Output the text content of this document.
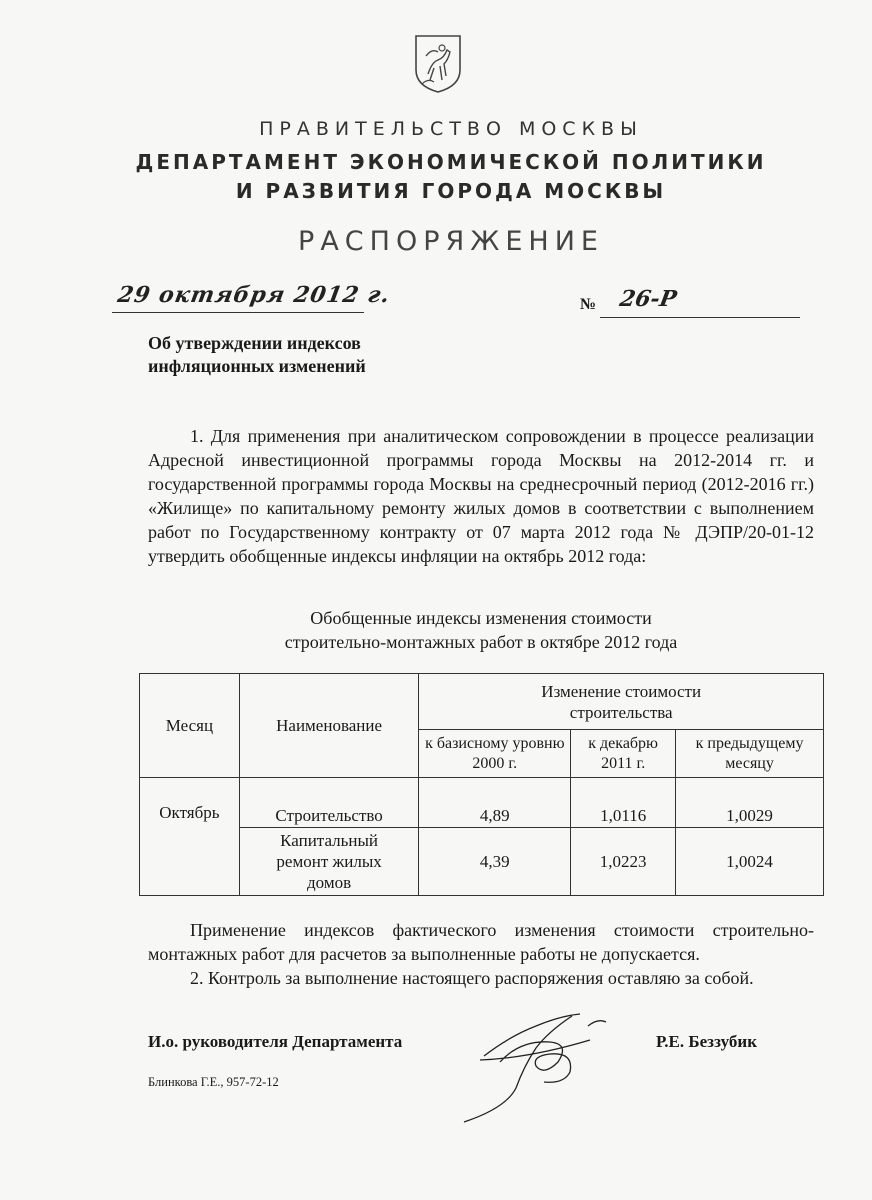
ПРАВИТЕЛЬСТВО МОСКВЫ
ДЕПАРТАМЕНТ ЭКОНОМИЧЕСКОЙ ПОЛИТИКИ
И РАЗВИТИЯ ГОРОДА МОСКВЫ
РАСПОРЯЖЕНИЕ
29 октября 2012 г.	№ 26-Р
Об утверждении индексов
инфляционных изменений

1. Для применения при аналитическом сопровождении в процессе реализации Адресной инвестиционной программы города Москвы на 2012-2014 гг. и государственной программы города Москвы на среднесрочный период (2012-2016 гг.) «Жилище» по капитальному ремонту жилых домов в соответствии с выполнением работ по Государственному контракту от 07 марта 2012 года № ДЭПР/20-01-12 утвердить обобщенные индексы инфляции на октябрь 2012 года:

Обобщенные индексы изменения стоимости
строительно-монтажных работ в октябре 2012 года
Месяц	Наименование	Изменение стоимости строительства		
		к базисному уровню 2000 г.	к декабрю 2011 г.	к предыдущему месяцу
Октябрь	Строительство	4,89	1,0116	1,0029
	Капитальный ремонт жилых домов	4,39	1,0223	1,0024

Применение индексов фактического изменения стоимости строительно-монтажных работ для расчетов за выполненные работы не допускается.

2. Контроль за выполнение настоящего распоряжения оставляю за собой.

И.о. руководителя Департамента	Р.Е. Беззубик
Блинкова Г.Е., 957-72-12
